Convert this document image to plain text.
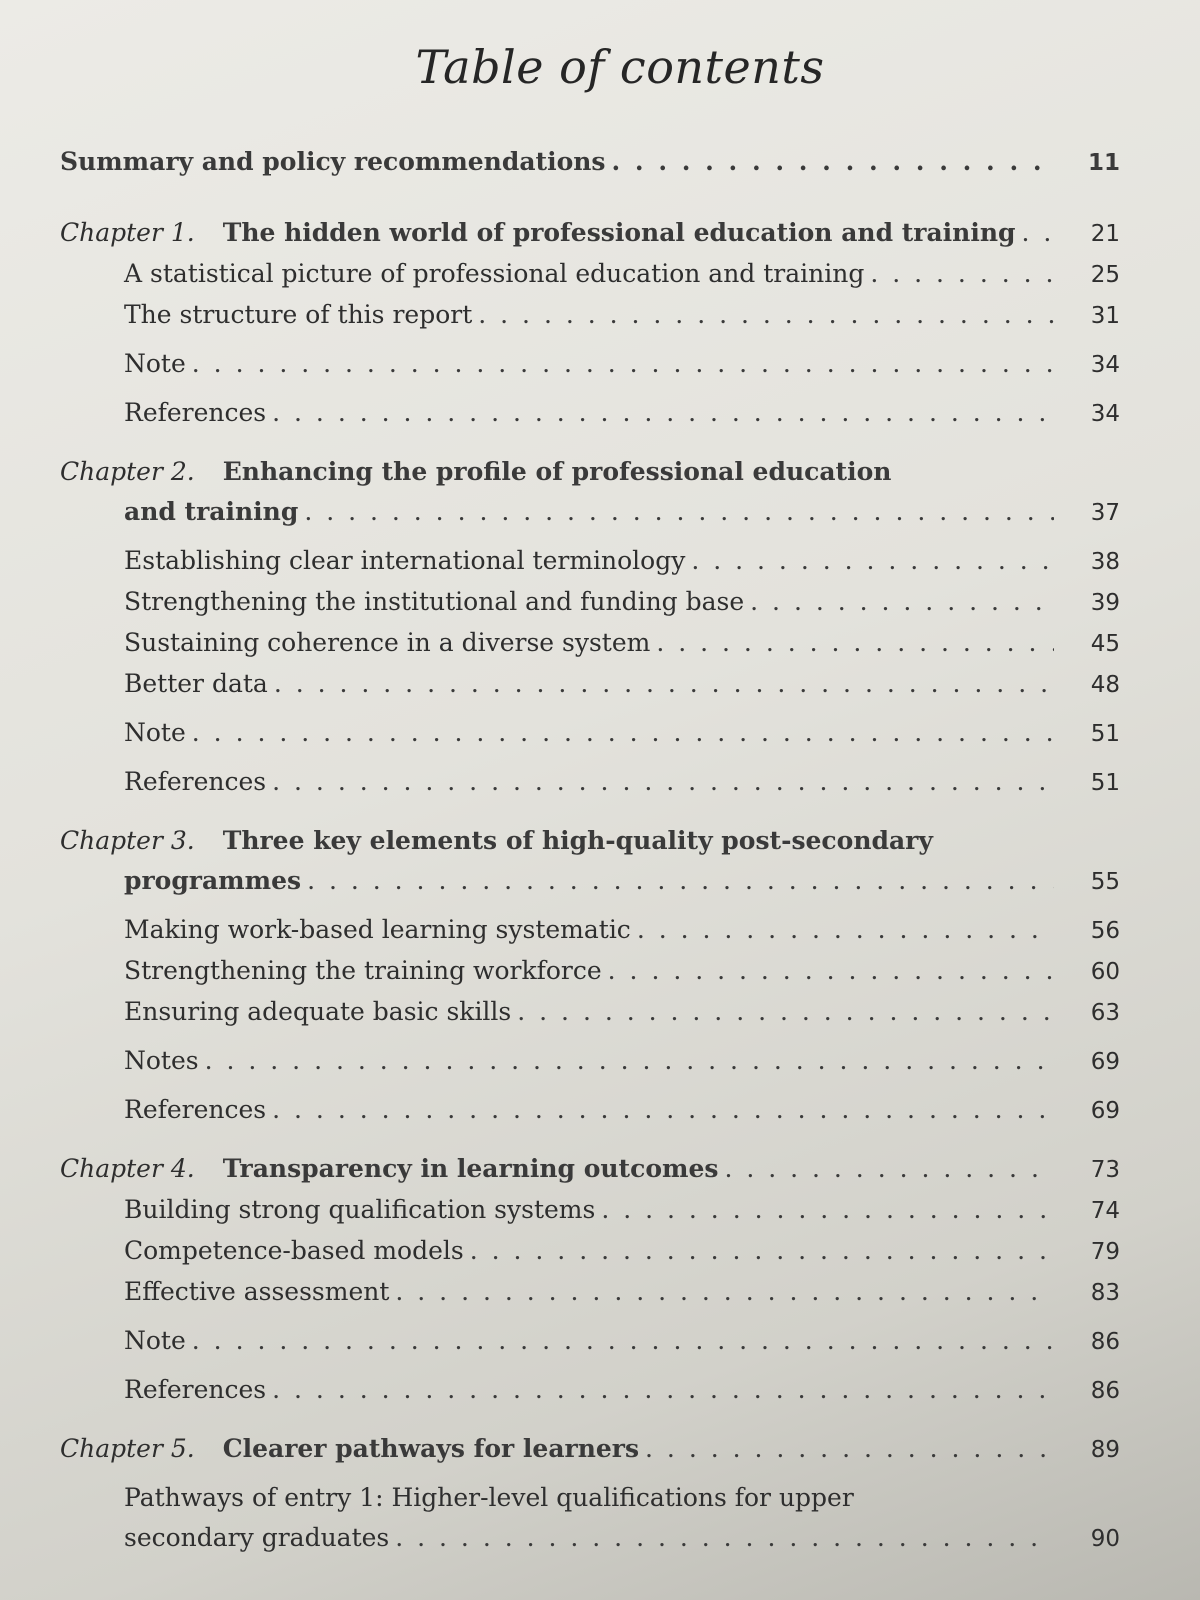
Table of contents
Summary and policy recommendations . . .	11
Chapter 1. The hidden world of professional education and training . . .	21
A statistical picture of professional education and training . . .	25
The structure of this report . . .	31
Note . . .	34
References . . .	34
Chapter 2. Enhancing the profile of professional education
and training . . .	37
Establishing clear international terminology . . .	38
Strengthening the institutional and funding base . . .	39
Sustaining coherence in a diverse system . . .	45
Better data . . .	48
Note . . .	51
References . . .	51
Chapter 3. Three key elements of high-quality post-secondary
programmes . . .	55
Making work-based learning systematic . . .	56
Strengthening the training workforce . . .	60
Ensuring adequate basic skills . . .	63
Notes . . .	69
References . . .	69
Chapter 4. Transparency in learning outcomes . . .	73
Building strong qualification systems . . .	74
Competence-based models . . .	79
Effective assessment . . .	83
Note . . .	86
References . . .	86
Chapter 5. Clearer pathways for learners . . .	89
Pathways of entry 1: Higher-level qualifications for upper
secondary graduates . . .	90
